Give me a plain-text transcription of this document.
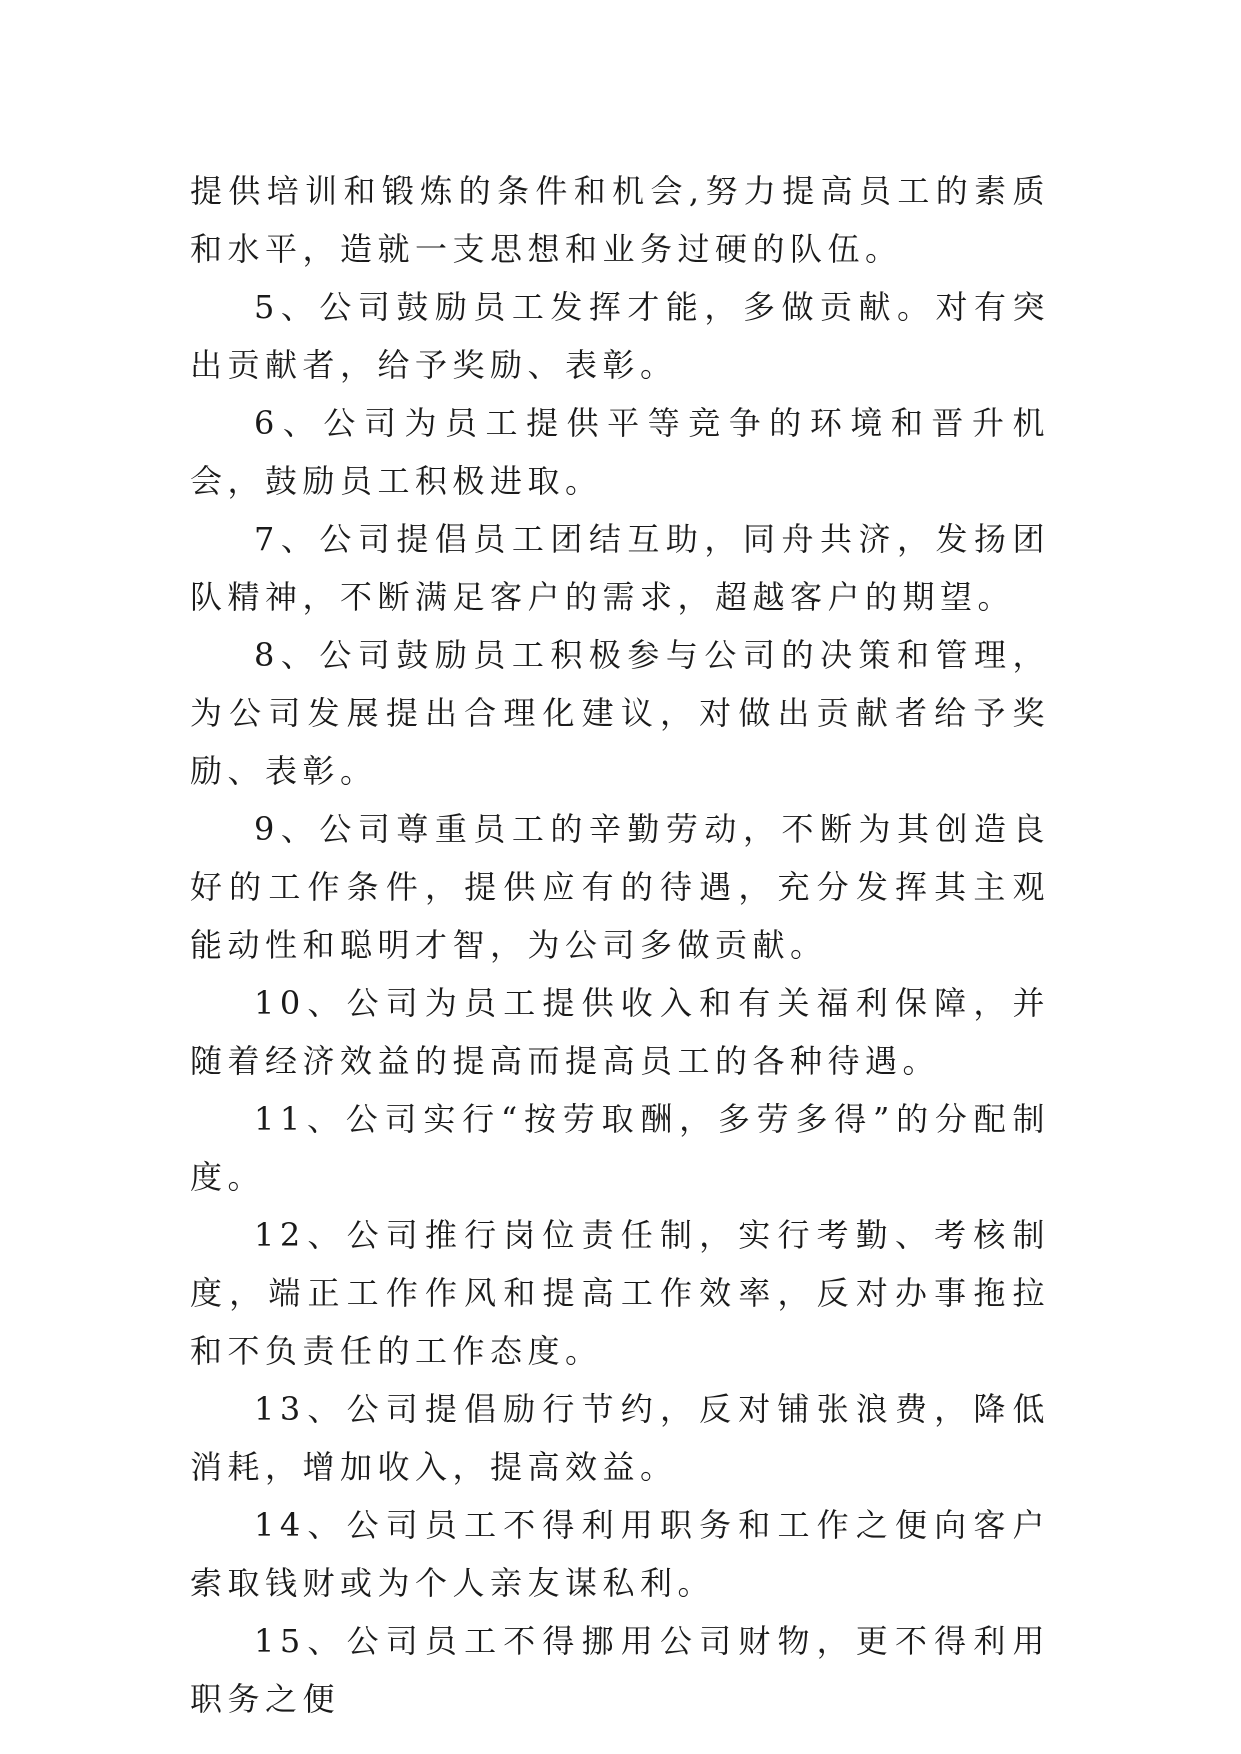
提供培训和锻炼的条件和机会,努力提高员工的素质和水平，造就一支思想和业务过硬的队伍。

5、公司鼓励员工发挥才能，多做贡献。对有突出贡献者，给予奖励、表彰。

6、公司为员工提供平等竞争的环境和晋升机会，鼓励员工积极进取。

7、公司提倡员工团结互助，同舟共济，发扬团队精神，不断满足客户的需求，超越客户的期望。

8、公司鼓励员工积极参与公司的决策和管理，为公司发展提出合理化建议，对做出贡献者给予奖励、表彰。

9、公司尊重员工的辛勤劳动，不断为其创造良好的工作条件，提供应有的待遇，充分发挥其主观能动性和聪明才智，为公司多做贡献。

10、公司为员工提供收入和有关福利保障，并随着经济效益的提高而提高员工的各种待遇。

11、公司实行“按劳取酬，多劳多得”的分配制度。

12、公司推行岗位责任制，实行考勤、考核制度，端正工作作风和提高工作效率，反对办事拖拉和不负责任的工作态度。

13、公司提倡励行节约，反对铺张浪费，降低消耗，增加收入，提高效益。

14、公司员工不得利用职务和工作之便向客户索取钱财或为个人亲友谋私利。

15、公司员工不得挪用公司财物，更不得利用职务之便
